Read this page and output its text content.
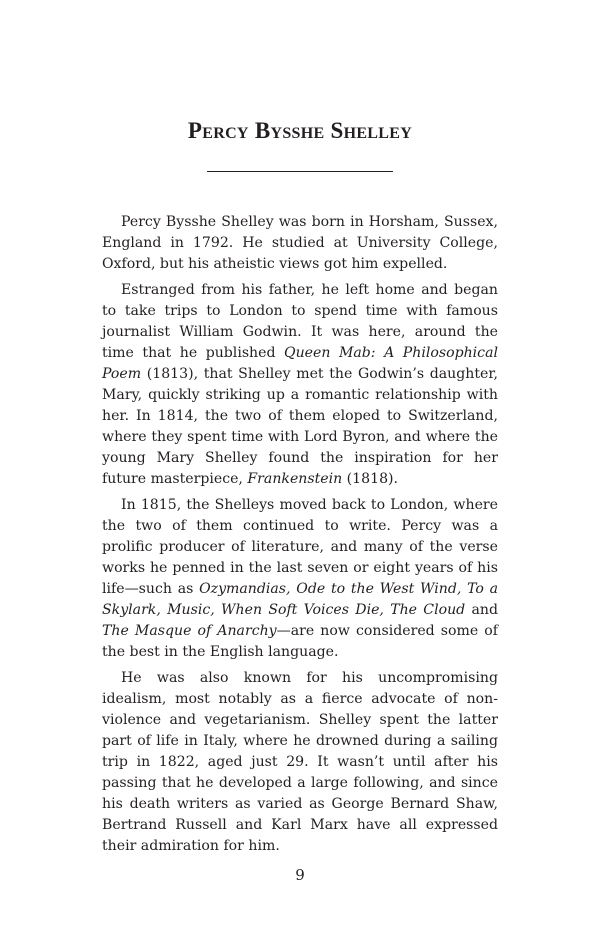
Percy Bysshe Shelley

Percy Bysshe Shelley was born in Horsham, Sussex, England in 1792. He studied at University College, Oxford, but his atheistic views got him expelled.

Estranged from his father, he left home and began to take trips to London to spend time with famous journalist William Godwin. It was here, around the time that he published Queen Mab: A Philosophical Poem (1813), that Shelley met the Godwin’s daughter, Mary, quickly striking up a romantic relationship with her. In 1814, the two of them eloped to Switzerland, where they spent time with Lord Byron, and where the young Mary Shelley found the inspiration for her future masterpiece, Frankenstein (1818).

In 1815, the Shelleys moved back to London, where the two of them continued to write. Percy was a prolific producer of literature, and many of the verse works he penned in the last seven or eight years of his life—such as Ozymandias, Ode to the West Wind, To a Skylark, Music, When Soft Voices Die, The Cloud and The Masque of Anarchy—are now considered some of the best in the English language.

He was also known for his uncompromising idealism, most notably as a fierce advocate of non-violence and vegetarianism. Shelley spent the latter part of life in Italy, where he drowned during a sailing trip in 1822, aged just 29. It wasn’t until after his passing that he developed a large following, and since his death writers as varied as George Bernard Shaw, Bertrand Russell and Karl Marx have all expressed their admiration for him.

9
